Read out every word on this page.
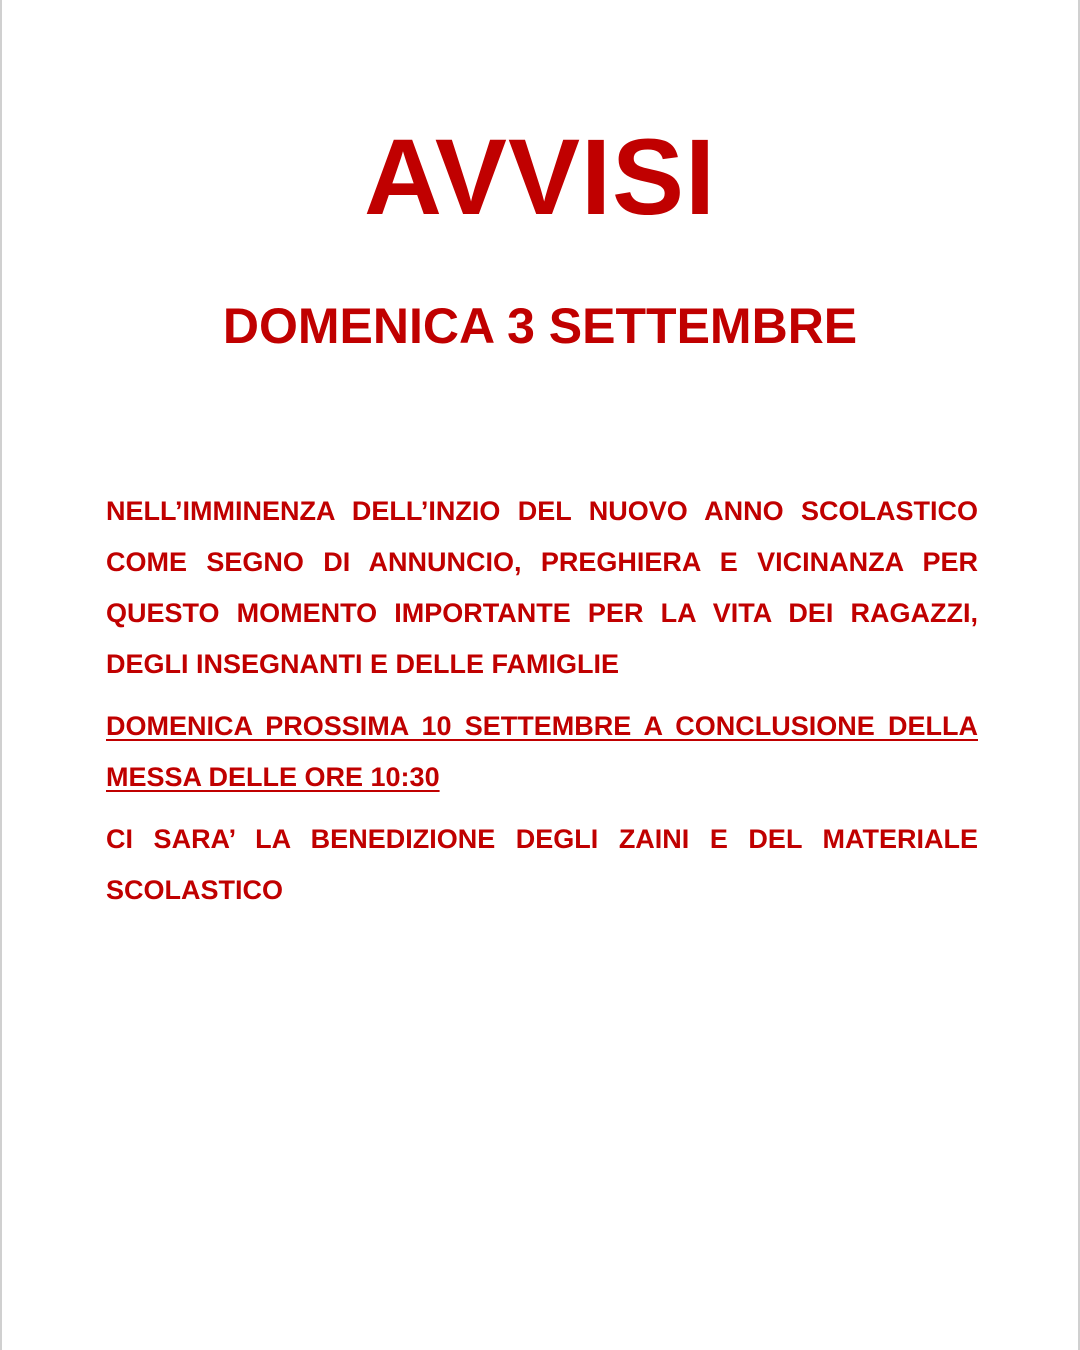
AVVISI
DOMENICA 3 SETTEMBRE
NELL’IMMINENZA DELL’INZIO DEL NUOVO ANNO SCOLASTICO COME SEGNO DI ANNUNCIO, PREGHIERA E VICINANZA PER QUESTO MOMENTO IMPORTANTE PER LA VITA DEI RAGAZZI, DEGLI INSEGNANTI E DELLE FAMIGLIE
DOMENICA PROSSIMA 10 SETTEMBRE A CONCLUSIONE DELLA MESSA DELLE ORE 10:30
CI SARA’ LA BENEDIZIONE DEGLI ZAINI E DEL MATERIALE SCOLASTICO
